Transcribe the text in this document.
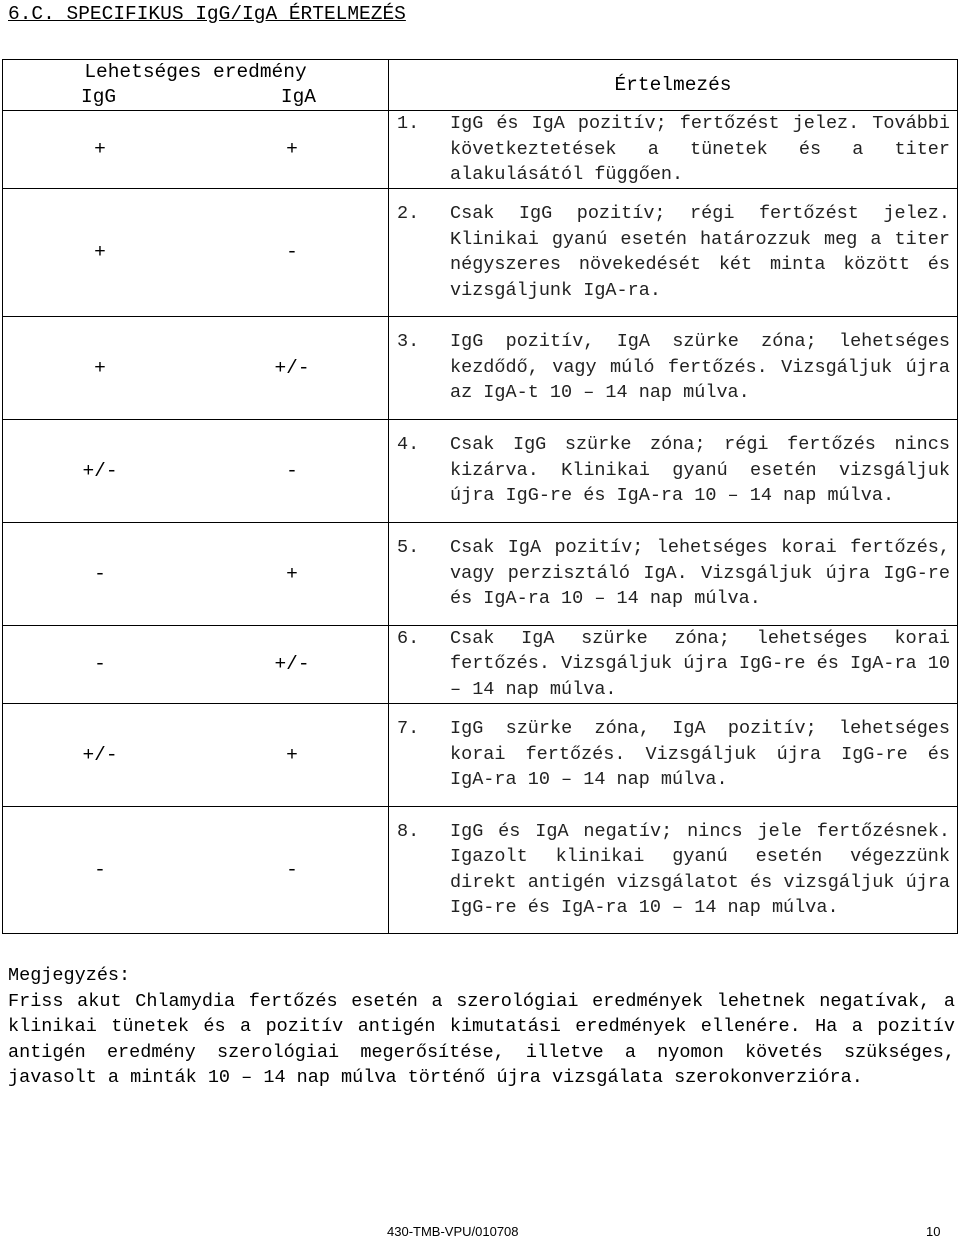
6.C. SPECIFIKUS IgG/IgA ÉRTELMEZÉS
Lehetséges eredmény
IgG IgA	Értelmezés

+ +	1. IgG és IgA pozitív; fertőzést jelez. További következtetések a tünetek és a titer alakulásától függően.

+ -	2. Csak IgG pozitív; régi fertőzést jelez. Klinikai gyanú esetén határozzuk meg a titer négyszeres növekedését két minta között és vizsgáljunk IgA-ra.

+ +/-	3. IgG pozitív, IgA szürke zóna; lehetséges kezdődő, vagy múló fertőzés. Vizsgáljuk újra az IgA-t 10 – 14 nap múlva.

+/- -	4. Csak IgG szürke zóna; régi fertőzés nincs kizárva. Klinikai gyanú esetén vizsgáljuk újra IgG-re és IgA-ra 10 – 14 nap múlva.

- +	5. Csak IgA pozitív; lehetséges korai fertőzés, vagy perzisztáló IgA. Vizsgáljuk újra IgG-re és IgA-ra 10 – 14 nap múlva.

- +/-	6. Csak IgA szürke zóna; lehetséges korai fertőzés. Vizsgáljuk újra IgG-re és IgA-ra 10 – 14 nap múlva.

+/- +	7. IgG szürke zóna, IgA pozitív; lehetséges korai fertőzés. Vizsgáljuk újra IgG-re és IgA-ra 10 – 14 nap múlva.

- -	8. IgG és IgA negatív; nincs jele fertőzésnek. Igazolt klinikai gyanú esetén végezzünk direkt antigén vizsgálatot és vizsgáljuk újra IgG-re és IgA-ra 10 – 14 nap múlva.
Megjegyzés:
Friss akut Chlamydia fertőzés esetén a szerológiai eredmények lehetnek negatívak, a klinikai tünetek és a pozitív antigén kimutatási eredmények ellenére. Ha a pozitív antigén eredmény szerológiai megerősítése, illetve a nyomon követés szükséges, javasolt a minták 10 – 14 nap múlva történő újra vizsgálata szerokonverzióra.
430-TMB-VPU/010708	10
